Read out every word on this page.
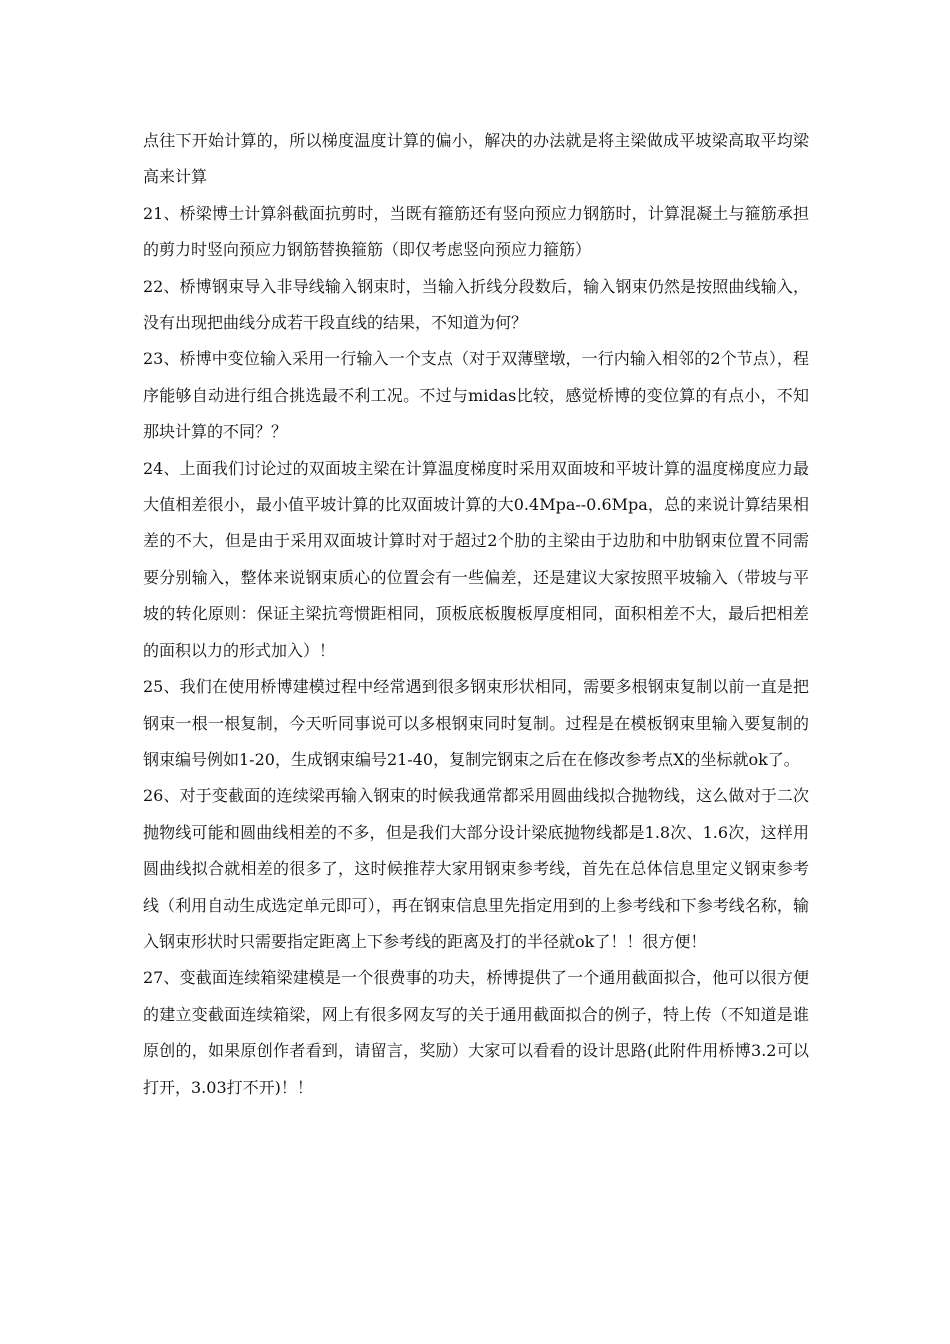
点往下开始计算的，所以梯度温度计算的偏小，解决的办法就是将主梁做成平坡梁高取平均梁高来计算

21、桥梁博士计算斜截面抗剪时，当既有箍筋还有竖向预应力钢筋时，计算混凝土与箍筋承担的剪力时竖向预应力钢筋替换箍筋（即仅考虑竖向预应力箍筋）

22、桥博钢束导入非导线输入钢束时，当输入折线分段数后，输入钢束仍然是按照曲线输入，没有出现把曲线分成若干段直线的结果，不知道为何？

23、桥博中变位输入采用一行输入一个支点（对于双薄壁墩，一行内输入相邻的2个节点），程序能够自动进行组合挑选最不利工况。不过与midas比较，感觉桥博的变位算的有点小，不知那块计算的不同？？

24、上面我们讨论过的双面坡主梁在计算温度梯度时采用双面坡和平坡计算的温度梯度应力最大值相差很小，最小值平坡计算的比双面坡计算的大0.4Mpa--0.6Mpa，总的来说计算结果相差的不大，但是由于采用双面坡计算时对于超过2个肋的主梁由于边肋和中肋钢束位置不同需要分别输入，整体来说钢束质心的位置会有一些偏差，还是建议大家按照平坡输入（带坡与平坡的转化原则：保证主梁抗弯惯距相同，顶板底板腹板厚度相同，面积相差不大，最后把相差的面积以力的形式加入）！

25、我们在使用桥博建模过程中经常遇到很多钢束形状相同，需要多根钢束复制以前一直是把钢束一根一根复制，今天听同事说可以多根钢束同时复制。过程是在模板钢束里输入要复制的钢束编号例如1-20，生成钢束编号21-40，复制完钢束之后在在修改参考点X的坐标就ok了。

26、对于变截面的连续梁再输入钢束的时候我通常都采用圆曲线拟合抛物线，这么做对于二次抛物线可能和圆曲线相差的不多，但是我们大部分设计梁底抛物线都是1.8次、1.6次，这样用圆曲线拟合就相差的很多了，这时候推荐大家用钢束参考线，首先在总体信息里定义钢束参考线（利用自动生成选定单元即可），再在钢束信息里先指定用到的上参考线和下参考线名称，输入钢束形状时只需要指定距离上下参考线的距离及打的半径就ok了！！很方便！

27、变截面连续箱梁建模是一个很费事的功夫，桥博提供了一个通用截面拟合，他可以很方便的建立变截面连续箱梁，网上有很多网友写的关于通用截面拟合的例子，特上传（不知道是谁原创的，如果原创作者看到，请留言，奖励）大家可以看看的设计思路(此附件用桥博3.2可以打开，3.03打不开)！！
